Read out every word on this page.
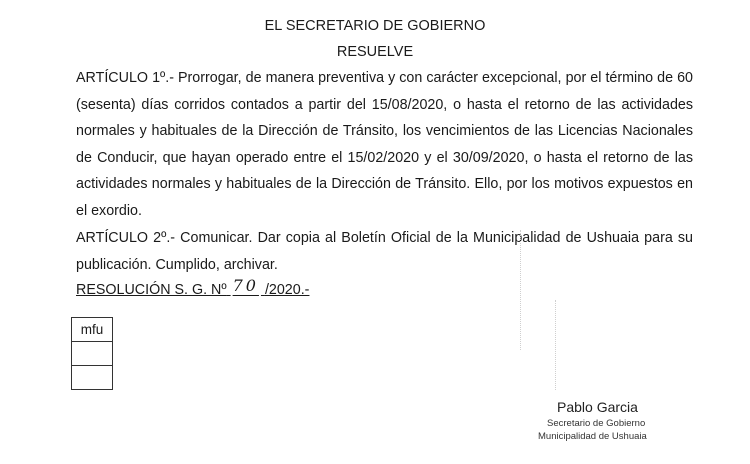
EL SECRETARIO DE GOBIERNO
RESUELVE

ARTÍCULO 1º.- Prorrogar, de manera preventiva y con carácter excepcional, por el término de 60 (sesenta) días corridos contados a partir del 15/08/2020, o hasta el retorno de las actividades normales y habituales de la Dirección de Tránsito, los vencimientos de las Licencias Nacionales de Conducir, que hayan operado entre el 15/02/2020 y el 30/09/2020, o hasta el retorno de las actividades normales y habituales de la Dirección de Tránsito. Ello, por los motivos expuestos en el exordio.

ARTÍCULO 2º.- Comunicar. Dar copia al Boletín Oficial de la Municipalidad de Ushuaia para su publicación. Cumplido, archivar.

RESOLUCIÓN S. G. Nº 70 /2020.-
mfu

Pablo Garcia
Secretario de Gobierno
Municipalidad de Ushuaia
